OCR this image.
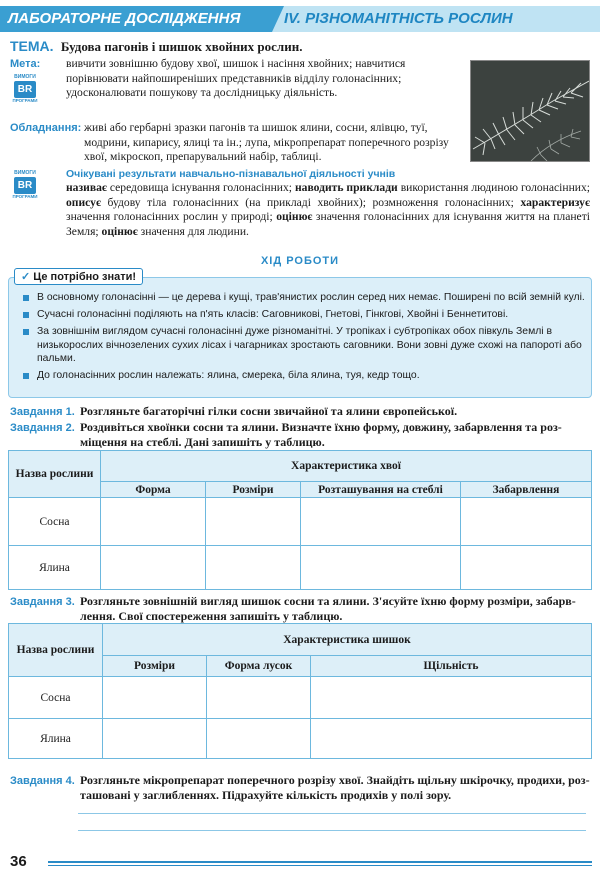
ЛАБОРАТОРНЕ ДОСЛІДЖЕННЯ	IV. РІЗНОМАНІТНІСТЬ РОСЛИН
ТЕМА. Будова пагонів і шишок хвойних рослин.
Мета:
ВИМОГИ
BR
ПРОГРАМИ
вивчити зовнішню будову хвої, шишок і насіння хвойних; навчитися порівнювати найпоширеніших представників відділу голонасінних; удосконалювати пошукову та дослідницьку діяльність.
Обладнання: живі або гербарні зразки пагонів та шишок ялини, сосни, ялівцю, туї, модрини, кипарису, ялиці та ін.; лупа, мікропрепарат поперечного розрізу хвої, мікроскоп, препарувальний набір, таблиці.
ВИМОГИ
BR
ПРОГРАМИ
Очікувані результати навчально-пізнавальної діяльності учнів
називає середовища існування голонасінних; наводить приклади використання людиною голонасінних; описує будову тіла голонасінних (на прикладі хвойних); розмноження голонасінних; характеризує значення голонасінних рослин у природі; оцінює значення голонасінних для існування життя на планеті Земля; оцінює значення для людини.
ХІД РОБОТИ
В основному голонасінні — це дерева і кущі, трав'янистих рослин серед них немає. Поширені по всій земній кулі.
Сучасні голонасінні поділяють на п'ять класів: Саговникові, Гнетові, Гінкгові, Хвойні і Беннетитові.
За зовнішнім виглядом сучасні голонасінні дуже різноманітні. У тропіках і субтропіках обох півкуль Землі в низькорослих вічнозелених сухих лісах і чагарниках зростають саговники. Вони зовні дуже схожі на папороті або пальми.
До голонасінних рослин належать: ялина, смерека, біла ялина, туя, кедр тощо.
✓ Це потрібно знати!
Завдання 1. Розгляньте багаторічні гілки сосни звичайної та ялини європейської.
Завдання 2. Роздивіться хвоїнки сосни та ялини. Визначте їхню форму, довжину, забарвлення та роз-
міщення на стеблі. Дані запишіть у таблицю.
Назва рослини	Характеристика хвої			
	Форма	Розміри	Розташування на стеблі	Забарвлення
Сосна				
Ялина				
Завдання 3. Розгляньте зовнішній вигляд шишок сосни та ялини. З'ясуйте їхню форму розміри, забарв-
лення. Свої спостереження запишіть у таблицю.
Назва рослини	Характеристика шишок		
	Розміри	Форма лусок	Щільність
Сосна			
Ялина			
Завдання 4. Розгляньте мікропрепарат поперечного розрізу хвої. Знайдіть щільну шкірочку, продихи, роз-
ташовані у заглибленнях. Підрахуйте кількість продихів у полі зору.
36
